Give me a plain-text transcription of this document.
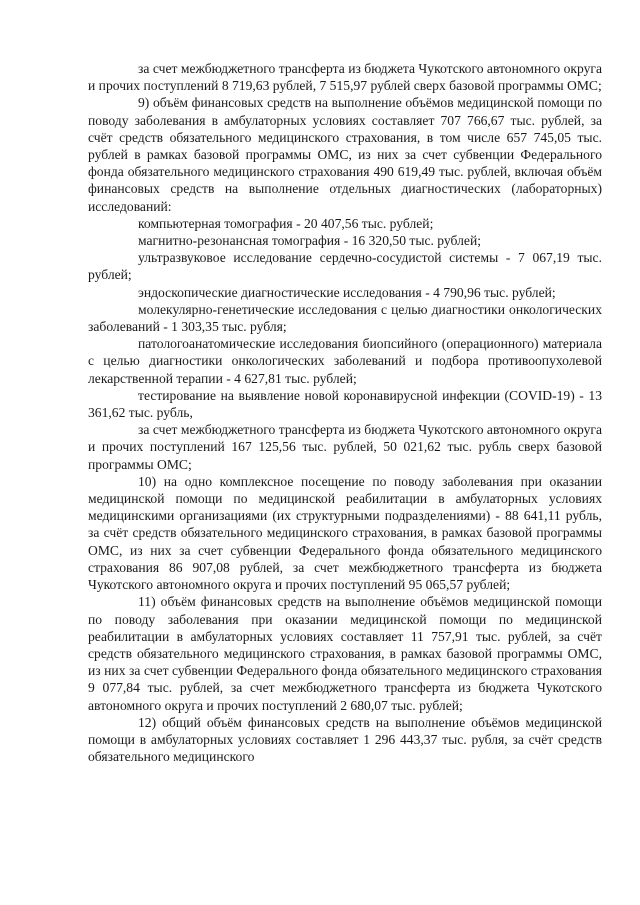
за счет межбюджетного трансферта из бюджета Чукотского автономного округа и прочих поступлений 8 719,63 рублей, 7 515,97 рублей сверх базовой программы ОМС;

9) объём финансовых средств на выполнение объёмов медицинской помощи по поводу заболевания в амбулаторных условиях составляет 707 766,67 тыс. рублей, за счёт средств обязательного медицинского страхования, в том числе 657 745,05 тыс. рублей в рамках базовой программы ОМС, из них за счет субвенции Федерального фонда обязательного медицинского страхования 490 619,49 тыс. рублей, включая объём финансовых средств на выполнение отдельных диагностических (лабораторных) исследований:

компьютерная томография - 20 407,56 тыс. рублей;

магнитно-резонансная томография - 16 320,50 тыс. рублей;

ультразвуковое исследование сердечно-сосудистой системы - 7 067,19 тыс. рублей;

эндоскопические диагностические исследования - 4 790,96 тыс. рублей;

молекулярно-генетические исследования с целью диагностики онкологических заболеваний - 1 303,35 тыс. рубля;

патологоанатомические исследования биопсийного (операционного) материала с целью диагностики онкологических заболеваний и подбора противоопухолевой лекарственной терапии - 4 627,81 тыс. рублей;

тестирование на выявление новой коронавирусной инфекции (COVID-19) - 13 361,62 тыс. рубль,

за счет межбюджетного трансферта из бюджета Чукотского автономного округа и прочих поступлений 167 125,56 тыс. рублей, 50 021,62 тыс. рубль сверх базовой программы ОМС;

10) на одно комплексное посещение по поводу заболевания при оказании медицинской помощи по медицинской реабилитации в амбулаторных условиях медицинскими организациями (их структурными подразделениями) - 88 641,11 рубль, за счёт средств обязательного медицинского страхования, в рамках базовой программы ОМС, из них за счет субвенции Федерального фонда обязательного медицинского страхования 86 907,08 рублей, за счет межбюджетного трансферта из бюджета Чукотского автономного округа и прочих поступлений 95 065,57 рублей;

11) объём финансовых средств на выполнение объёмов медицинской помощи по поводу заболевания при оказании медицинской помощи по медицинской реабилитации в амбулаторных условиях составляет 11 757,91 тыс. рублей, за счёт средств обязательного медицинского страхования, в рамках базовой программы ОМС, из них за счет субвенции Федерального фонда обязательного медицинского страхования 9 077,84 тыс. рублей, за счет межбюджетного трансферта из бюджета Чукотского автономного округа и прочих поступлений 2 680,07 тыс. рублей;

12) общий объём финансовых средств на выполнение объёмов медицинской помощи в амбулаторных условиях составляет 1 296 443,37 тыс. рубля, за счёт средств обязательного медицинского
